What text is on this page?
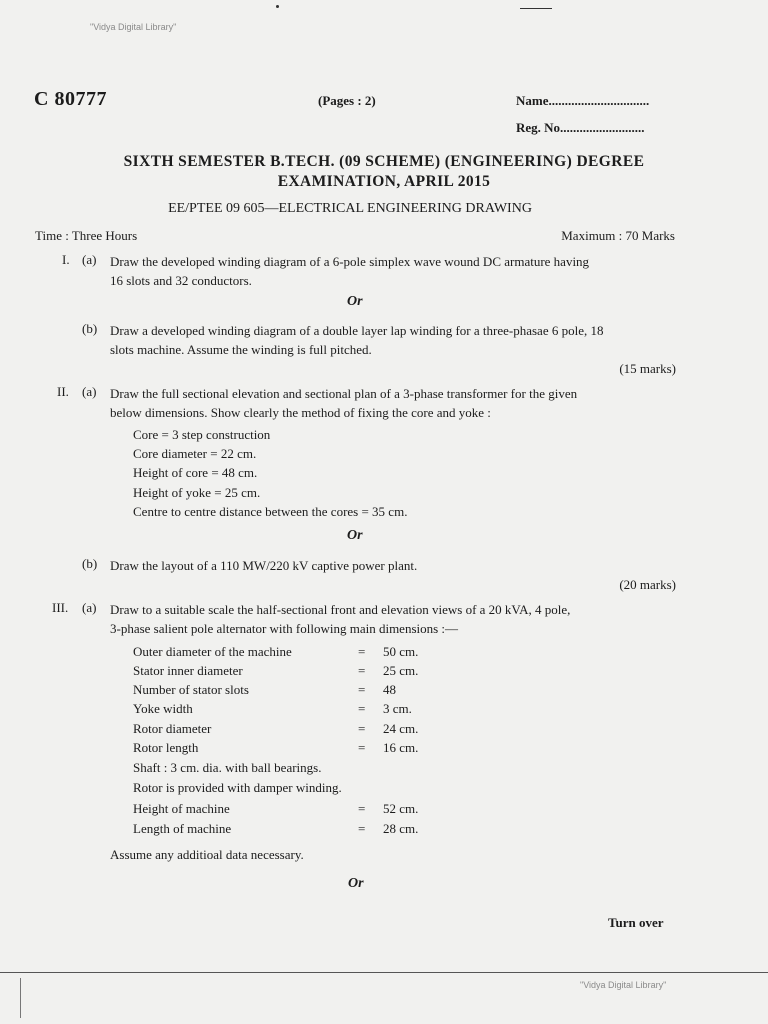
"Vidya Digital Library"
C 80777	(Pages : 2)	Name...............................
Reg. No..........................
SIXTH SEMESTER B.TECH. (09 SCHEME) (ENGINEERING) DEGREE
EXAMINATION, APRIL 2015
EE/PTEE 09 605—ELECTRICAL ENGINEERING DRAWING
Time : Three Hours	Maximum : 70 Marks
I. (a) Draw the developed winding diagram of a 6-pole simplex wave wound DC armature having
16 slots and 32 conductors.
Or
(b) Draw a developed winding diagram of a double layer lap winding for a three-phasae 6 pole, 18
slots machine. Assume the winding is full pitched.
(15 marks)
II. (a) Draw the full sectional elevation and sectional plan of a 3-phase transformer for the given
below dimensions. Show clearly the method of fixing the core and yoke :
Core = 3 step construction
Core diameter = 22 cm.
Height of core = 48 cm.
Height of yoke = 25 cm.
Centre to centre distance between the cores = 35 cm.
Or
(b) Draw the layout of a 110 MW/220 kV captive power plant.
(20 marks)
III. (a) Draw to a suitable scale the half-sectional front and elevation views of a 20 kVA, 4 pole,
3-phase salient pole alternator with following main dimensions :—
Outer diameter of the machine	= 50 cm.
Stator inner diameter	= 25 cm.
Number of stator slots	= 48
Yoke width	= 3 cm.
Rotor diameter	= 24 cm.
Rotor length	= 16 cm.
Shaft : 3 cm. dia. with ball bearings.
Rotor is provided with damper winding.
Height of machine	= 52 cm.
Length of machine	= 28 cm.
Assume any additioal data necessary.
Or
Turn over
"Vidya Digital Library"
